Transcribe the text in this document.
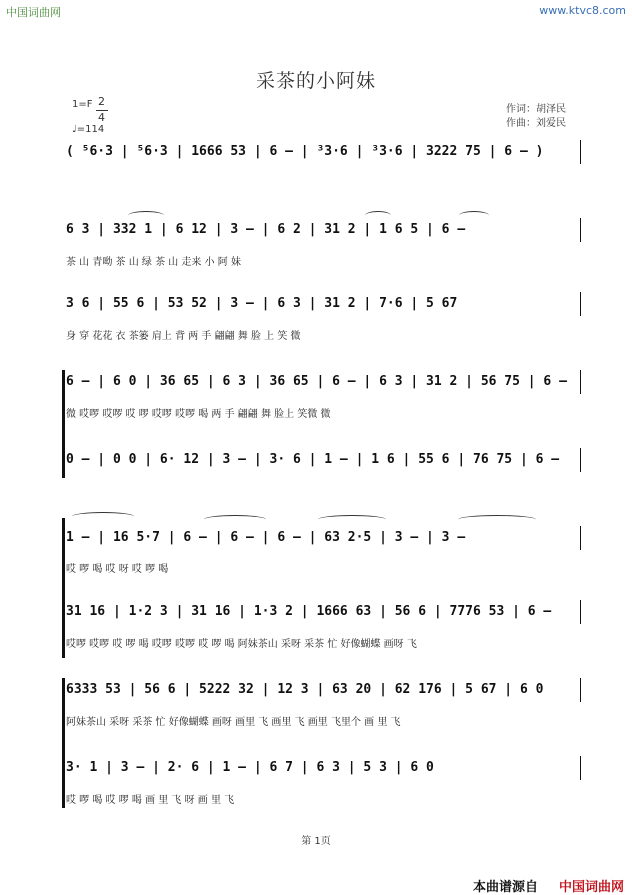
中国词曲网	www.ktvc8.com
采茶的小阿妹
作词：胡泽民
作曲：刘爱民
1=F 2
4
♩=114
( ⁵6·3 | ⁵6·3 | 1666 53 | 6 – | ³3·6 | ³3·6 | 3222 75 | 6 – )
6 3 | 332 1 | 6 12 | 3 – | 6 2 | 31 2 | 1 6 5 | 6 –
茶 山 青呦 茶 山 绿 茶 山 走来 小 阿 妹
3 6 | 55 6 | 53 52 | 3 – | 6 3 | 31 2 | 7·6 | 5 67
身 穿 花花 衣 茶篓 肩上 背 两 手 翩翩 舞 脸 上 笑 微
6 – | 6 0 | 36 65 | 6 3 | 36 65 | 6 – | 6 3 | 31 2 | 56 75 | 6 –
微 哎啰 哎啰 哎 啰 哎啰 哎啰 喝 两 手 翩翩 舞 脸上 笑微 微
0 – | 0 0 | 6· 12 | 3 – | 3· 6 | 1 – | 1 6 | 55 6 | 76 75 | 6 –
1 – | 16 5·7 | 6 – | 6 – | 6 – | 63 2·5 | 3 – | 3 –
哎 啰 喝 哎 呀 哎 啰 喝
31 16 | 1·2 3 | 31 16 | 1·3 2 | 1666 63 | 56 6 | 7776 53 | 6 –
哎啰 哎啰 哎 啰 喝 哎啰 哎啰 哎 啰 喝 阿妹茶山 采呀 采茶 忙 好像蝴蝶 画呀 飞
6333 53 | 56 6 | 5222 32 | 12 3 | 63 20 | 62 176 | 5 67 | 6 0
阿妹茶山 采呀 采茶 忙 好像蝴蝶 画呀 画里 飞 画里 飞 画里 飞里个 画 里 飞
3· 1 | 3 – | 2· 6 | 1 – | 6 7 | 6 3 | 5 3 | 6 0
哎 啰 喝 哎 啰 喝 画 里 飞 呀 画 里 飞
第 1页
本曲谱源自 中国词曲网
